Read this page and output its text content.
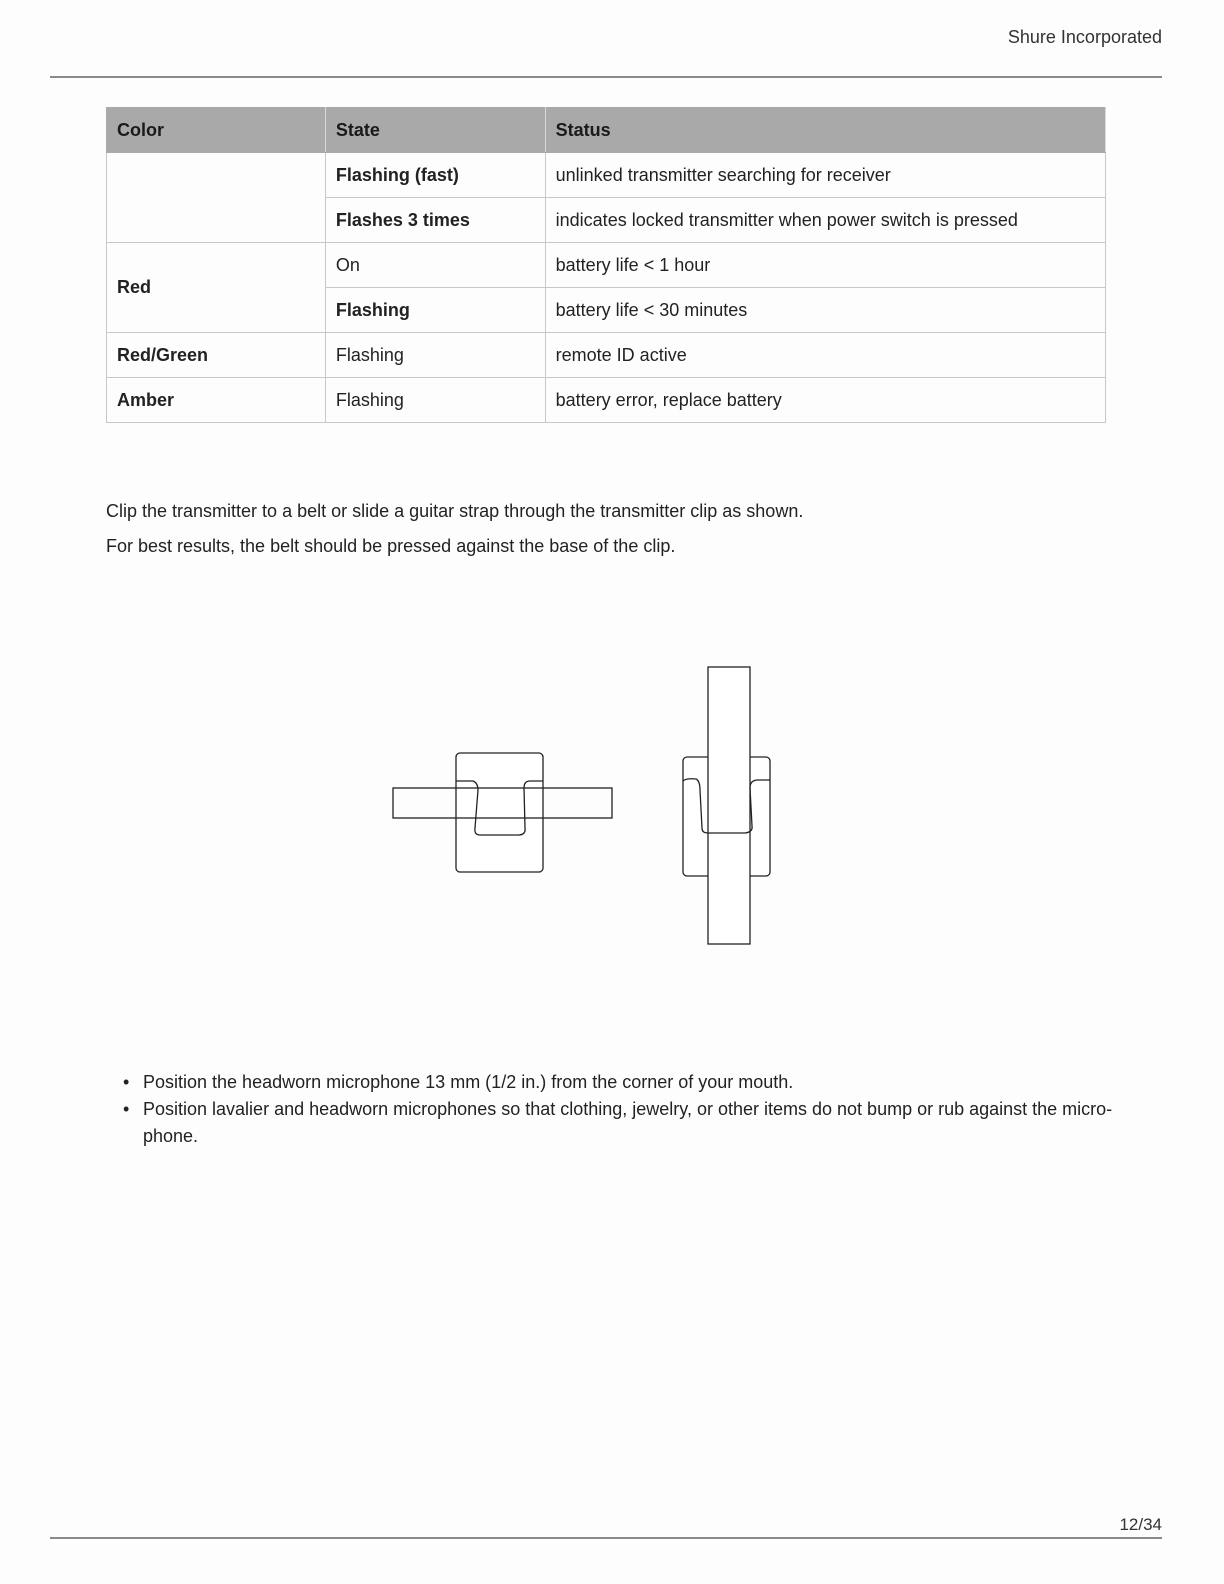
Shure Incorporated
Color	State	Status
	Flashing (fast)	unlinked transmitter searching for receiver
	Flashes 3 times	indicates locked transmitter when power switch is pressed
Red	On	battery life < 1 hour
	Flashing	battery life < 30 minutes
Red/Green	Flashing	remote ID active
Amber	Flashing	battery error, replace battery
Clip the transmitter to a belt or slide a guitar strap through the transmitter clip as shown.
For best results, the belt should be pressed against the base of the clip.
• Position the headworn microphone 13 mm (1/2 in.) from the corner of your mouth.
• Position lavalier and headworn microphones so that clothing, jewelry, or other items do not bump or rub against the micro-phone.
12/34
